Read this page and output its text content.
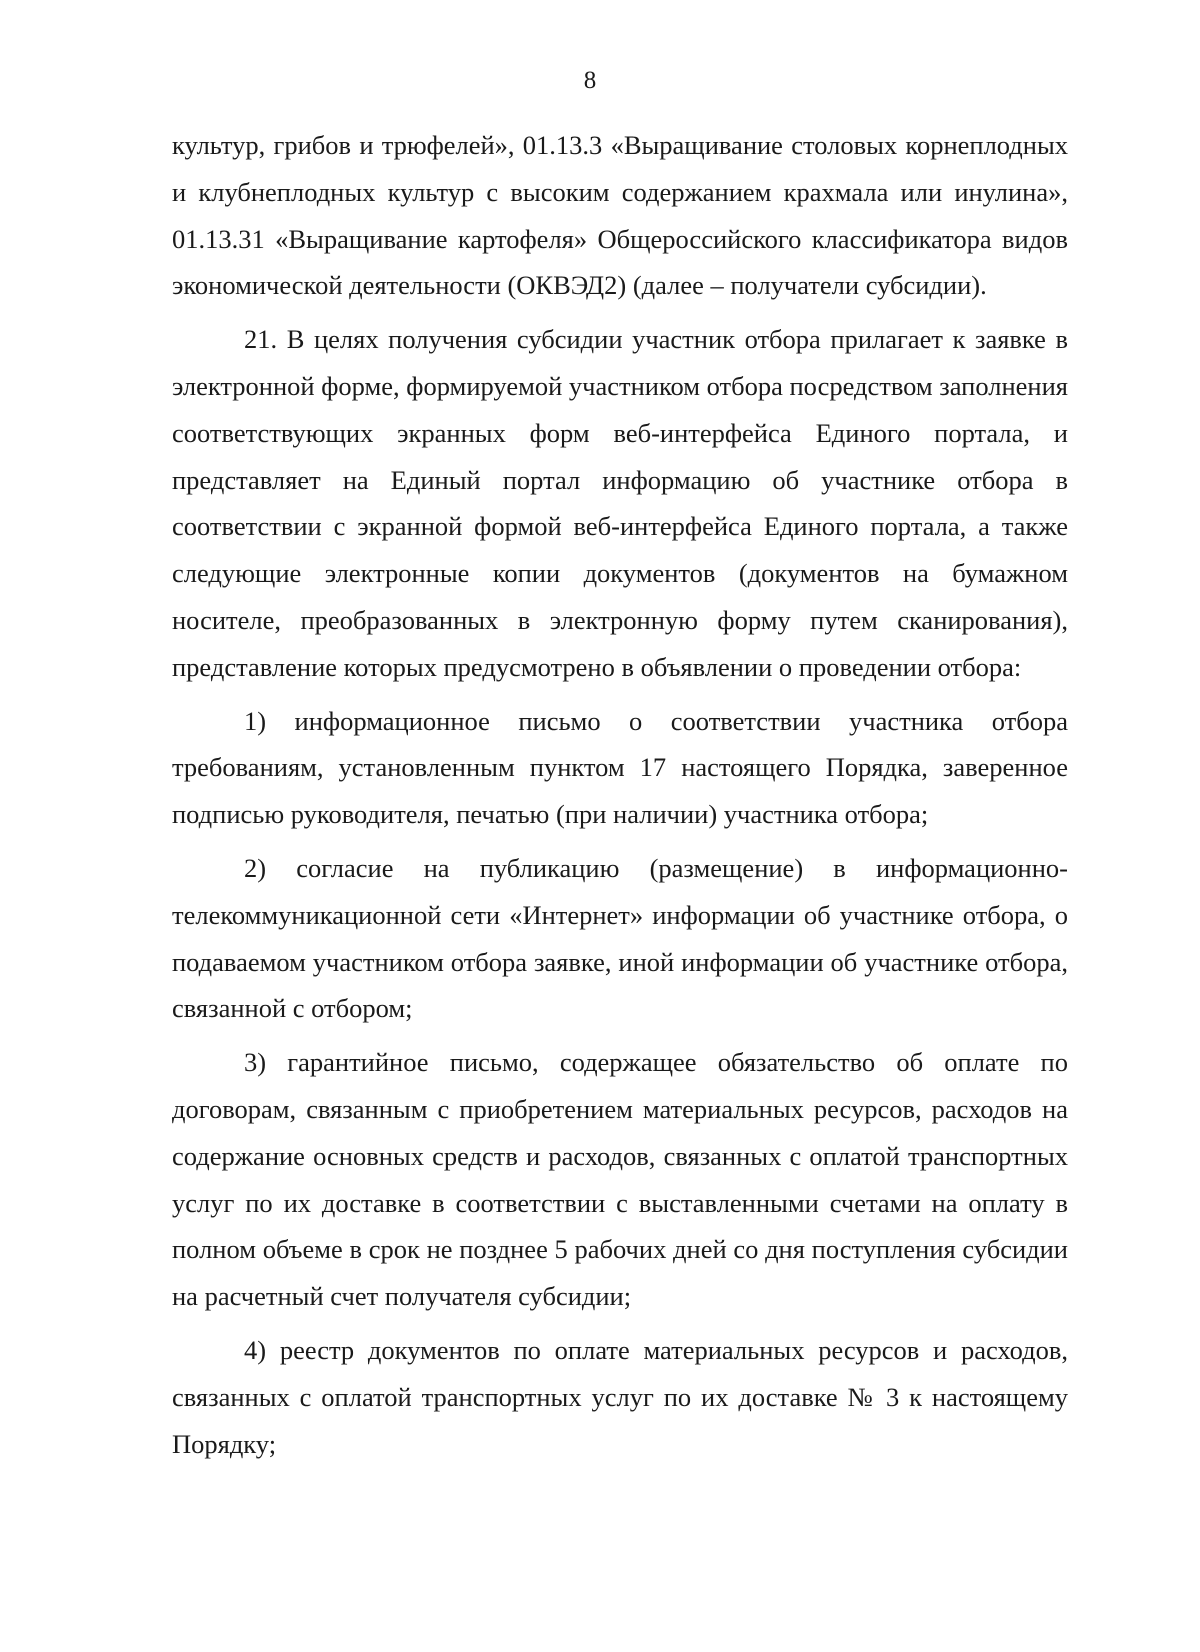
8

культур, грибов и трюфелей», 01.13.3 «Выращивание столовых корнеплодных и клубнеплодных культур с высоким содержанием крахмала или инулина», 01.13.31 «Выращивание картофеля» Общероссийского классификатора видов экономической деятельности (ОКВЭД2) (далее – получатели субсидии).

21. В целях получения субсидии участник отбора прилагает к заявке в электронной форме, формируемой участником отбора посредством заполнения соответствующих экранных форм веб-интерфейса Единого портала, и представляет на Единый портал информацию об участнике отбора в соответствии с экранной формой веб-интерфейса Единого портала, а также следующие электронные копии документов (документов на бумажном носителе, преобразованных в электронную форму путем сканирования), представление которых предусмотрено в объявлении о проведении отбора:

1) информационное письмо о соответствии участника отбора требованиям, установленным пунктом 17 настоящего Порядка, заверенное подписью руководителя, печатью (при наличии) участника отбора;

2) согласие на публикацию (размещение) в информационно-телекоммуникационной сети «Интернет» информации об участнике отбора, о подаваемом участником отбора заявке, иной информации об участнике отбора, связанной с отбором;

3) гарантийное письмо, содержащее обязательство об оплате по договорам, связанным с приобретением материальных ресурсов, расходов на содержание основных средств и расходов, связанных с оплатой транспортных услуг по их доставке в соответствии с выставленными счетами на оплату в полном объеме в срок не позднее 5 рабочих дней со дня поступления субсидии на расчетный счет получателя субсидии;

4) реестр документов по оплате материальных ресурсов и расходов, связанных с оплатой транспортных услуг по их доставке № 3 к настоящему Порядку;
